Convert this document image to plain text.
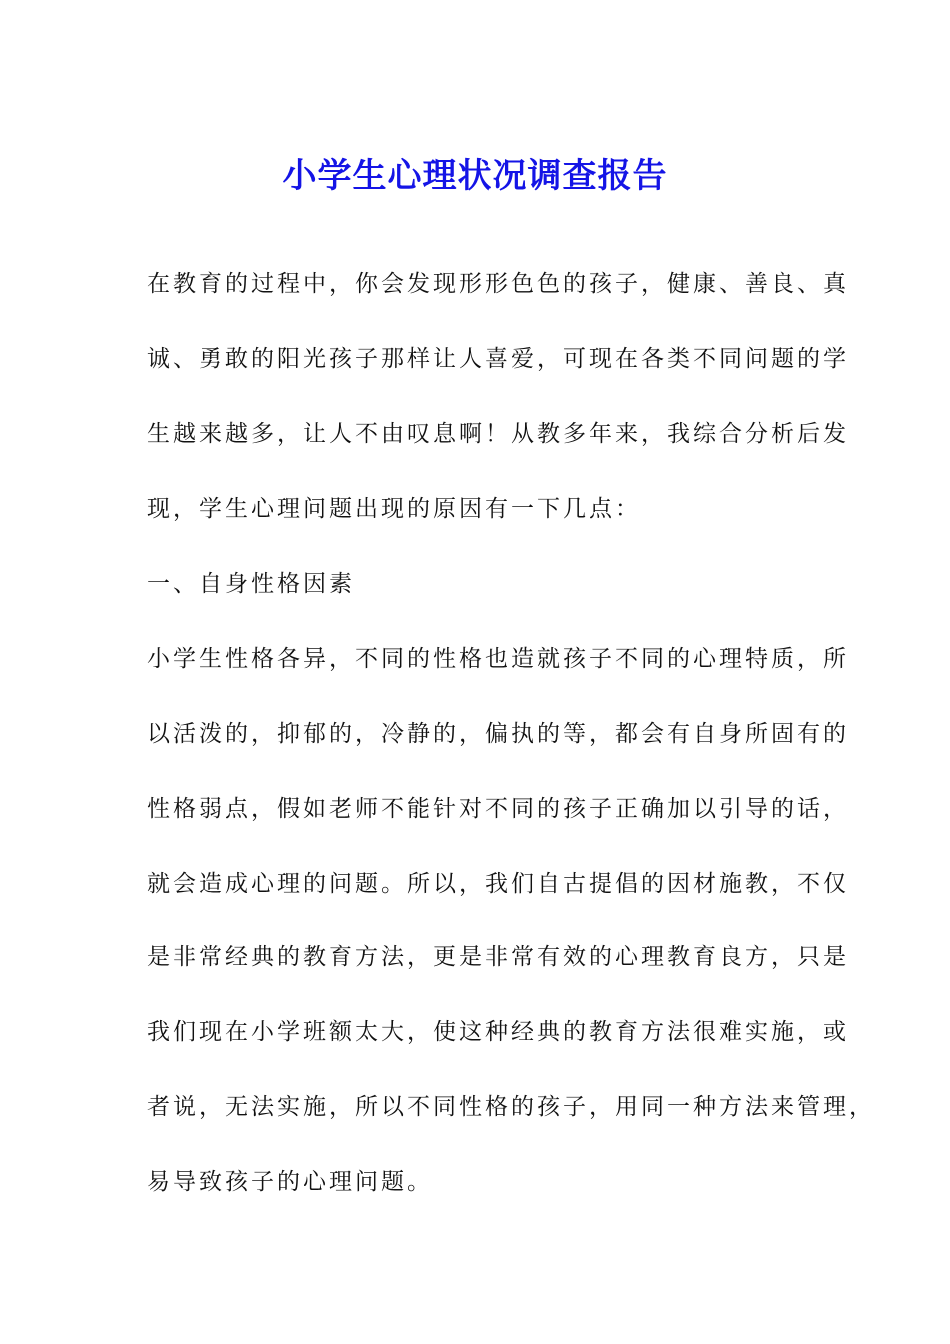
小学生心理状况调查报告
在教育的过程中，你会发现形形色色的孩子，健康、善良、真
诚、勇敢的阳光孩子那样让人喜爱，可现在各类不同问题的学
生越来越多，让人不由叹息啊！从教多年来，我综合分析后发
现，学生心理问题出现的原因有一下几点：
一、自身性格因素
小学生性格各异，不同的性格也造就孩子不同的心理特质，所
以活泼的，抑郁的，冷静的，偏执的等，都会有自身所固有的
性格弱点，假如老师不能针对不同的孩子正确加以引导的话，
就会造成心理的问题。所以，我们自古提倡的因材施教，不仅
是非常经典的教育方法，更是非常有效的心理教育良方，只是
我们现在小学班额太大，使这种经典的教育方法很难实施，或
者说，无法实施，所以不同性格的孩子，用同一种方法来管理，
易导致孩子的心理问题。
